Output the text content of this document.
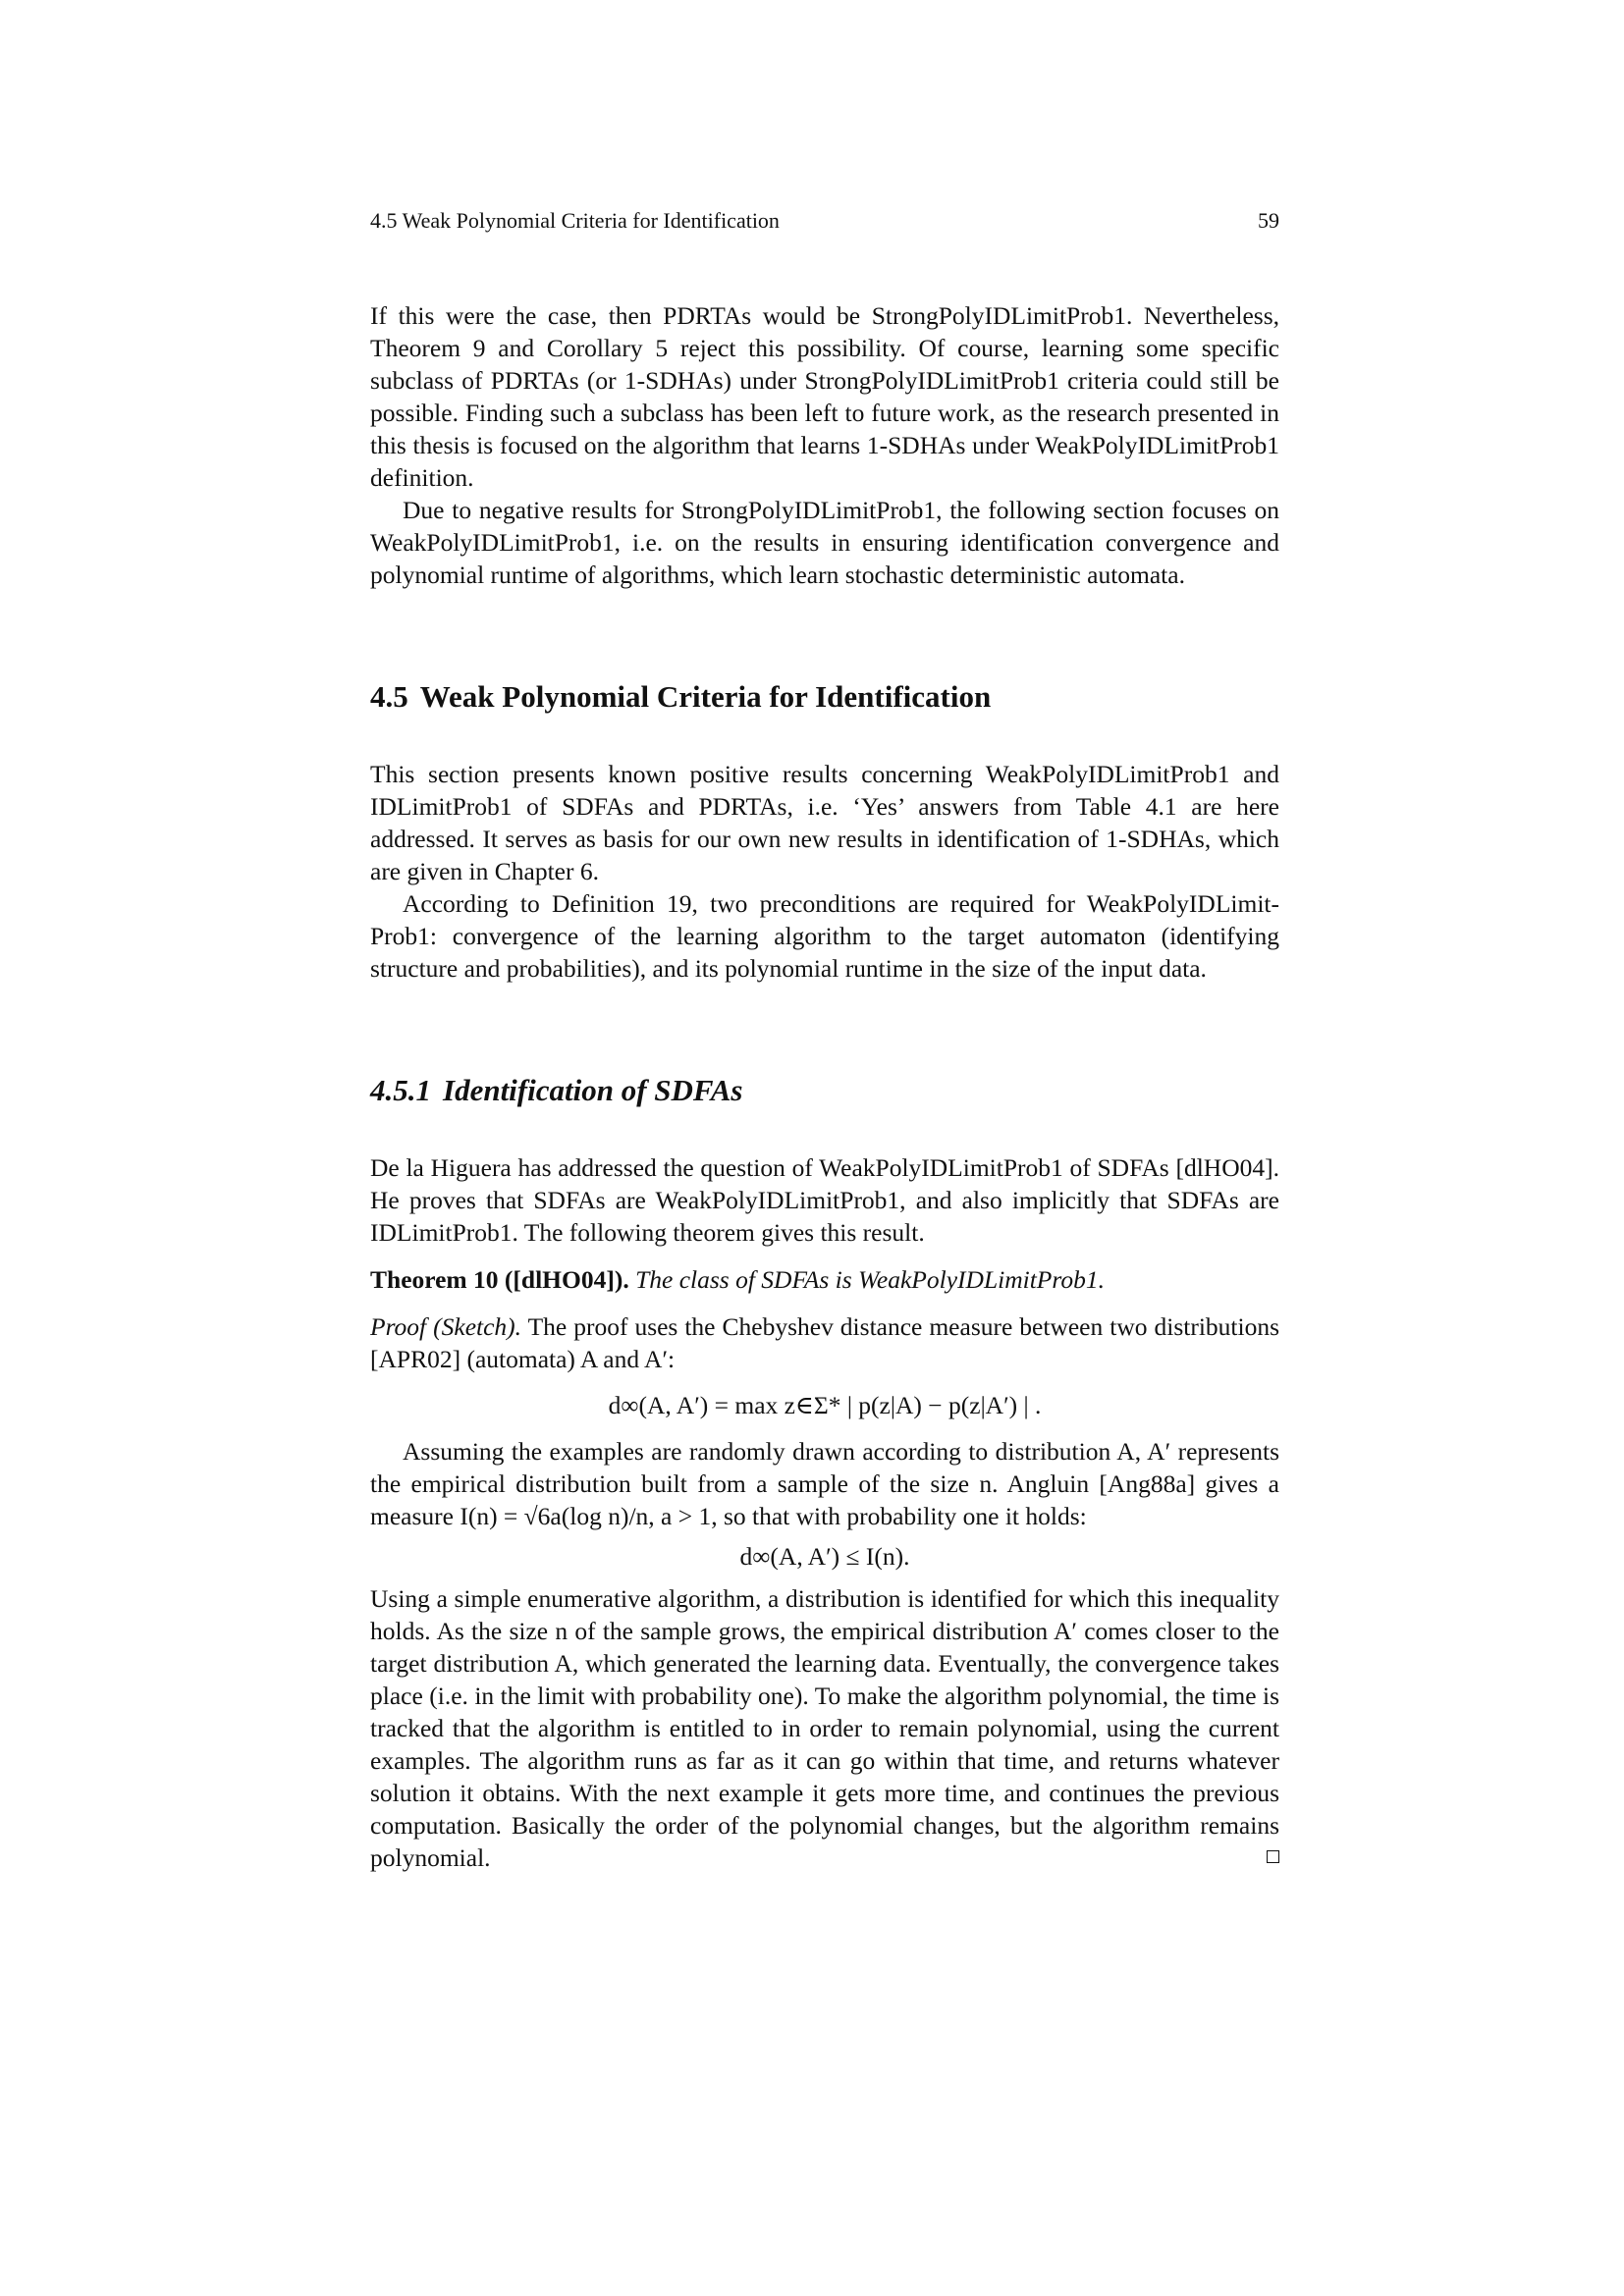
4.5 Weak Polynomial Criteria for Identification	59

If this were the case, then PDRTAs would be StrongPolyIDLimitProb1. Nevertheless, Theorem 9 and Corollary 5 reject this possibility. Of course, learning some specific subclass of PDRTAs (or 1-SDHAs) under StrongPolyIDLimitProb1 criteria could still be possible. Finding such a subclass has been left to future work, as the research presented in this thesis is focused on the algorithm that learns 1-SDHAs under WeakPolyIDLimitProb1 definition.

Due to negative results for StrongPolyIDLimitProb1, the following section focuses on WeakPolyIDLimitProb1, i.e. on the results in ensuring identification convergence and polynomial runtime of algorithms, which learn stochastic deterministic automata.

4.5 Weak Polynomial Criteria for Identification

This section presents known positive results concerning WeakPolyIDLimitProb1 and IDLimitProb1 of SDFAs and PDRTAs, i.e. ‘Yes’ answers from Table 4.1 are here addressed. It serves as basis for our own new results in identification of 1-SDHAs, which are given in Chapter 6.

According to Definition 19, two preconditions are required for WeakPolyIDLimit-Prob1: convergence of the learning algorithm to the target automaton (identifying structure and probabilities), and its polynomial runtime in the size of the input data.

4.5.1 Identification of SDFAs

De la Higuera has addressed the question of WeakPolyIDLimitProb1 of SDFAs [dlHO04]. He proves that SDFAs are WeakPolyIDLimitProb1, and also implicitly that SDFAs are IDLimitProb1. The following theorem gives this result.

Theorem 10 ([dlHO04]). The class of SDFAs is WeakPolyIDLimitProb1.

Proof (Sketch). The proof uses the Chebyshev distance measure between two distributions [APR02] (automata) A and A′:

d∞(A, A′) = max z∈Σ* | p(z|A) − p(z|A′) | .

Assuming the examples are randomly drawn according to distribution A, A′ represents the empirical distribution built from a sample of the size n. Angluin [Ang88a] gives a measure I(n) = √6a(log n)/n, a > 1, so that with probability one it holds:

d∞(A, A′) ≤ I(n).

Using a simple enumerative algorithm, a distribution is identified for which this inequality holds. As the size n of the sample grows, the empirical distribution A′ comes closer to the target distribution A, which generated the learning data. Eventually, the convergence takes place (i.e. in the limit with probability one). To make the algorithm polynomial, the time is tracked that the algorithm is entitled to in order to remain polynomial, using the current examples. The algorithm runs as far as it can go within that time, and returns whatever solution it obtains. With the next example it gets more time, and continues the previous computation. Basically the order of the polynomial changes, but the algorithm remains polynomial.
